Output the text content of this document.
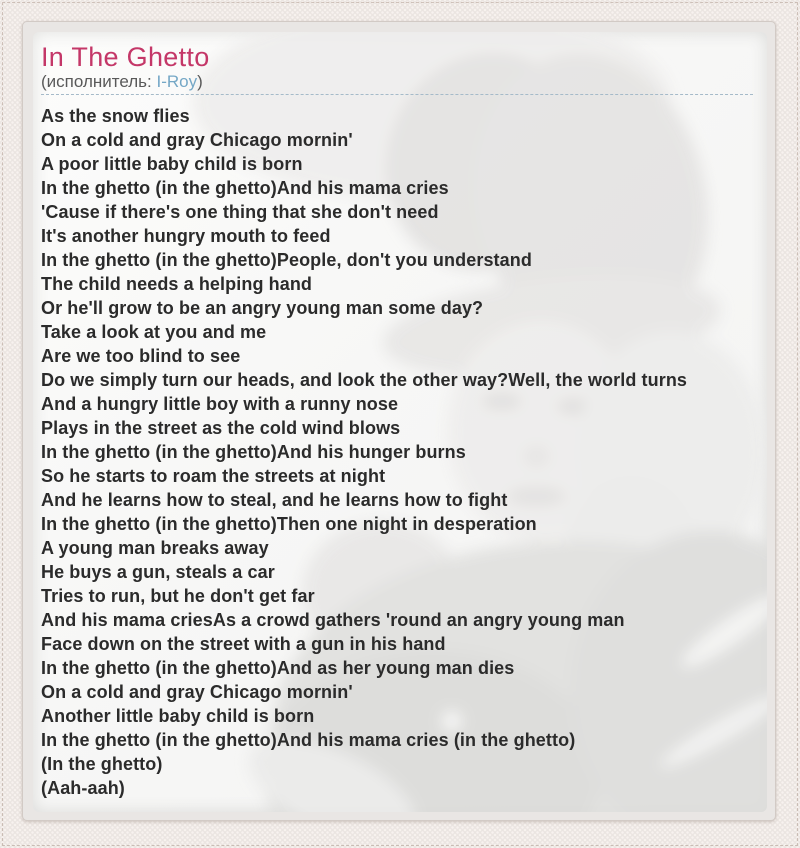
In The Ghetto
(исполнитель: I-Roy)
As the snow flies
On a cold and gray Chicago mornin'
A poor little baby child is born
In the ghetto (in the ghetto)And his mama cries
'Cause if there's one thing that she don't need
It's another hungry mouth to feed
In the ghetto (in the ghetto)People, don't you understand
The child needs a helping hand
Or he'll grow to be an angry young man some day?
Take a look at you and me
Are we too blind to see
Do we simply turn our heads, and look the other way?Well, the world turns
And a hungry little boy with a runny nose
Plays in the street as the cold wind blows
In the ghetto (in the ghetto)And his hunger burns
So he starts to roam the streets at night
And he learns how to steal, and he learns how to fight
In the ghetto (in the ghetto)Then one night in desperation
A young man breaks away
He buys a gun, steals a car
Tries to run, but he don't get far
And his mama criesAs a crowd gathers 'round an angry young man
Face down on the street with a gun in his hand
In the ghetto (in the ghetto)And as her young man dies
On a cold and gray Chicago mornin'
Another little baby child is born
In the ghetto (in the ghetto)And his mama cries (in the ghetto)
(In the ghetto)
(Aah-aah)
